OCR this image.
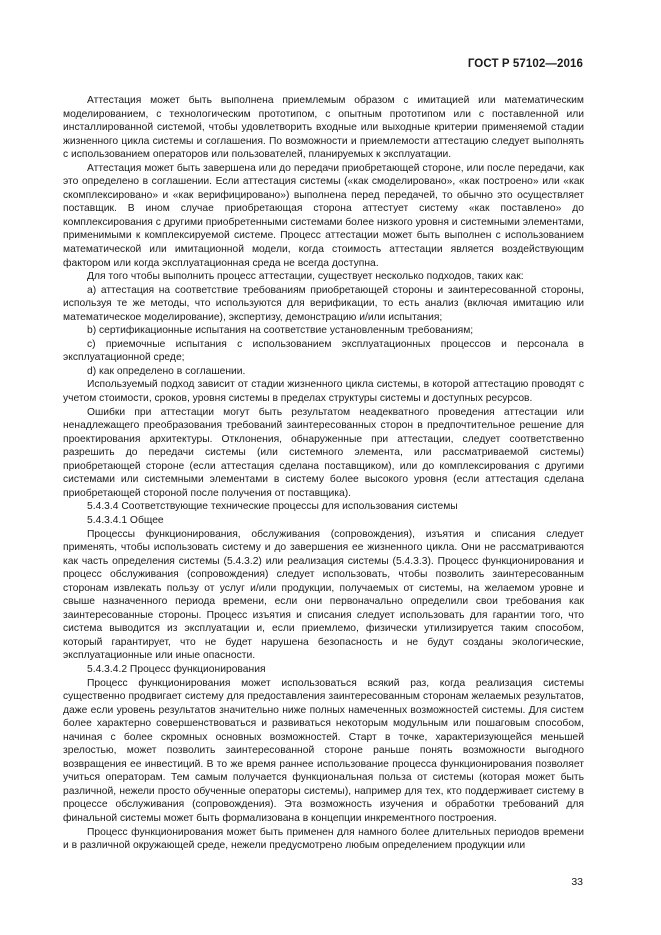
ГОСТ Р 57102—2016

Аттестация может быть выполнена приемлемым образом с имитацией или математическим моделированием, с технологическим прототипом, с опытным прототипом или с поставленной или инсталлированной системой, чтобы удовлетворить входные или выходные критерии применяемой стадии жизненного цикла системы и соглашения. По возможности и приемлемости аттестацию следует выполнять с использованием операторов или пользователей, планируемых к эксплуатации.

Аттестация может быть завершена или до передачи приобретающей стороне, или после передачи, как это определено в соглашении. Если аттестация системы («как смоделировано», «как построено» или «как скомплексировано» и «как верифицировано») выполнена перед передачей, то обычно это осуществляет поставщик. В ином случае приобретающая сторона аттестует систему «как поставлено» до комплексирования с другими приобретенными системами более низкого уровня и системными элементами, применимыми к комплексируемой системе. Процесс аттестации может быть выполнен с использованием математической или имитационной модели, когда стоимость аттестации является воздействующим фактором или когда эксплуатационная среда не всегда доступна.

Для того чтобы выполнить процесс аттестации, существует несколько подходов, таких как:

а) аттестация на соответствие требованиям приобретающей стороны и заинтересованной стороны, используя те же методы, что используются для верификации, то есть анализ (включая имитацию или математическое моделирование), экспертизу, демонстрацию и/или испытания;

b) сертификационные испытания на соответствие установленным требованиям;

с) приемочные испытания с использованием эксплуатационных процессов и персонала в эксплуатационной среде;

d) как определено в соглашении.

Используемый подход зависит от стадии жизненного цикла системы, в которой аттестацию проводят с учетом стоимости, сроков, уровня системы в пределах структуры системы и доступных ресурсов.

Ошибки при аттестации могут быть результатом неадекватного проведения аттестации или ненадлежащего преобразования требований заинтересованных сторон в предпочтительное решение для проектирования архитектуры. Отклонения, обнаруженные при аттестации, следует соответственно разрешить до передачи системы (или системного элемента, или рассматриваемой системы) приобретающей стороне (если аттестация сделана поставщиком), или до комплексирования с другими системами или системными элементами в систему более высокого уровня (если аттестация сделана приобретающей стороной после получения от поставщика).

5.4.3.4 Соответствующие технические процессы для использования системы

5.4.3.4.1 Общее

Процессы функционирования, обслуживания (сопровождения), изъятия и списания следует применять, чтобы использовать систему и до завершения ее жизненного цикла. Они не рассматриваются как часть определения системы (5.4.3.2) или реализация системы (5.4.3.3). Процесс функционирования и процесс обслуживания (сопровождения) следует использовать, чтобы позволить заинтересованным сторонам извлекать пользу от услуг и/или продукции, получаемых от системы, на желаемом уровне и свыше назначенного периода времени, если они первоначально определили свои требования как заинтересованные стороны. Процесс изъятия и списания следует использовать для гарантии того, что система выводится из эксплуатации и, если приемлемо, физически утилизируется таким способом, который гарантирует, что не будет нарушена безопасность и не будут созданы экологические, эксплуатационные или иные опасности.

5.4.3.4.2 Процесс функционирования

Процесс функционирования может использоваться всякий раз, когда реализация системы существенно продвигает систему для предоставления заинтересованным сторонам желаемых результатов, даже если уровень результатов значительно ниже полных намеченных возможностей системы. Для систем более характерно совершенствоваться и развиваться некоторым модульным или пошаговым способом, начиная с более скромных основных возможностей. Старт в точке, характеризующейся меньшей зрелостью, может позволить заинтересованной стороне раньше понять возможности выгодного возвращения ее инвестиций. В то же время раннее использование процесса функционирования позволяет учиться операторам. Тем самым получается функциональная польза от системы (которая может быть различной, нежели просто обученные операторы системы), например для тех, кто поддерживает систему в процессе обслуживания (сопровождения). Эта возможность изучения и обработки требований для финальной системы может быть формализована в концепции инкрементного построения.

Процесс функционирования может быть применен для намного более длительных периодов времени и в различной окружающей среде, нежели предусмотрено любым определением продукции или

33
